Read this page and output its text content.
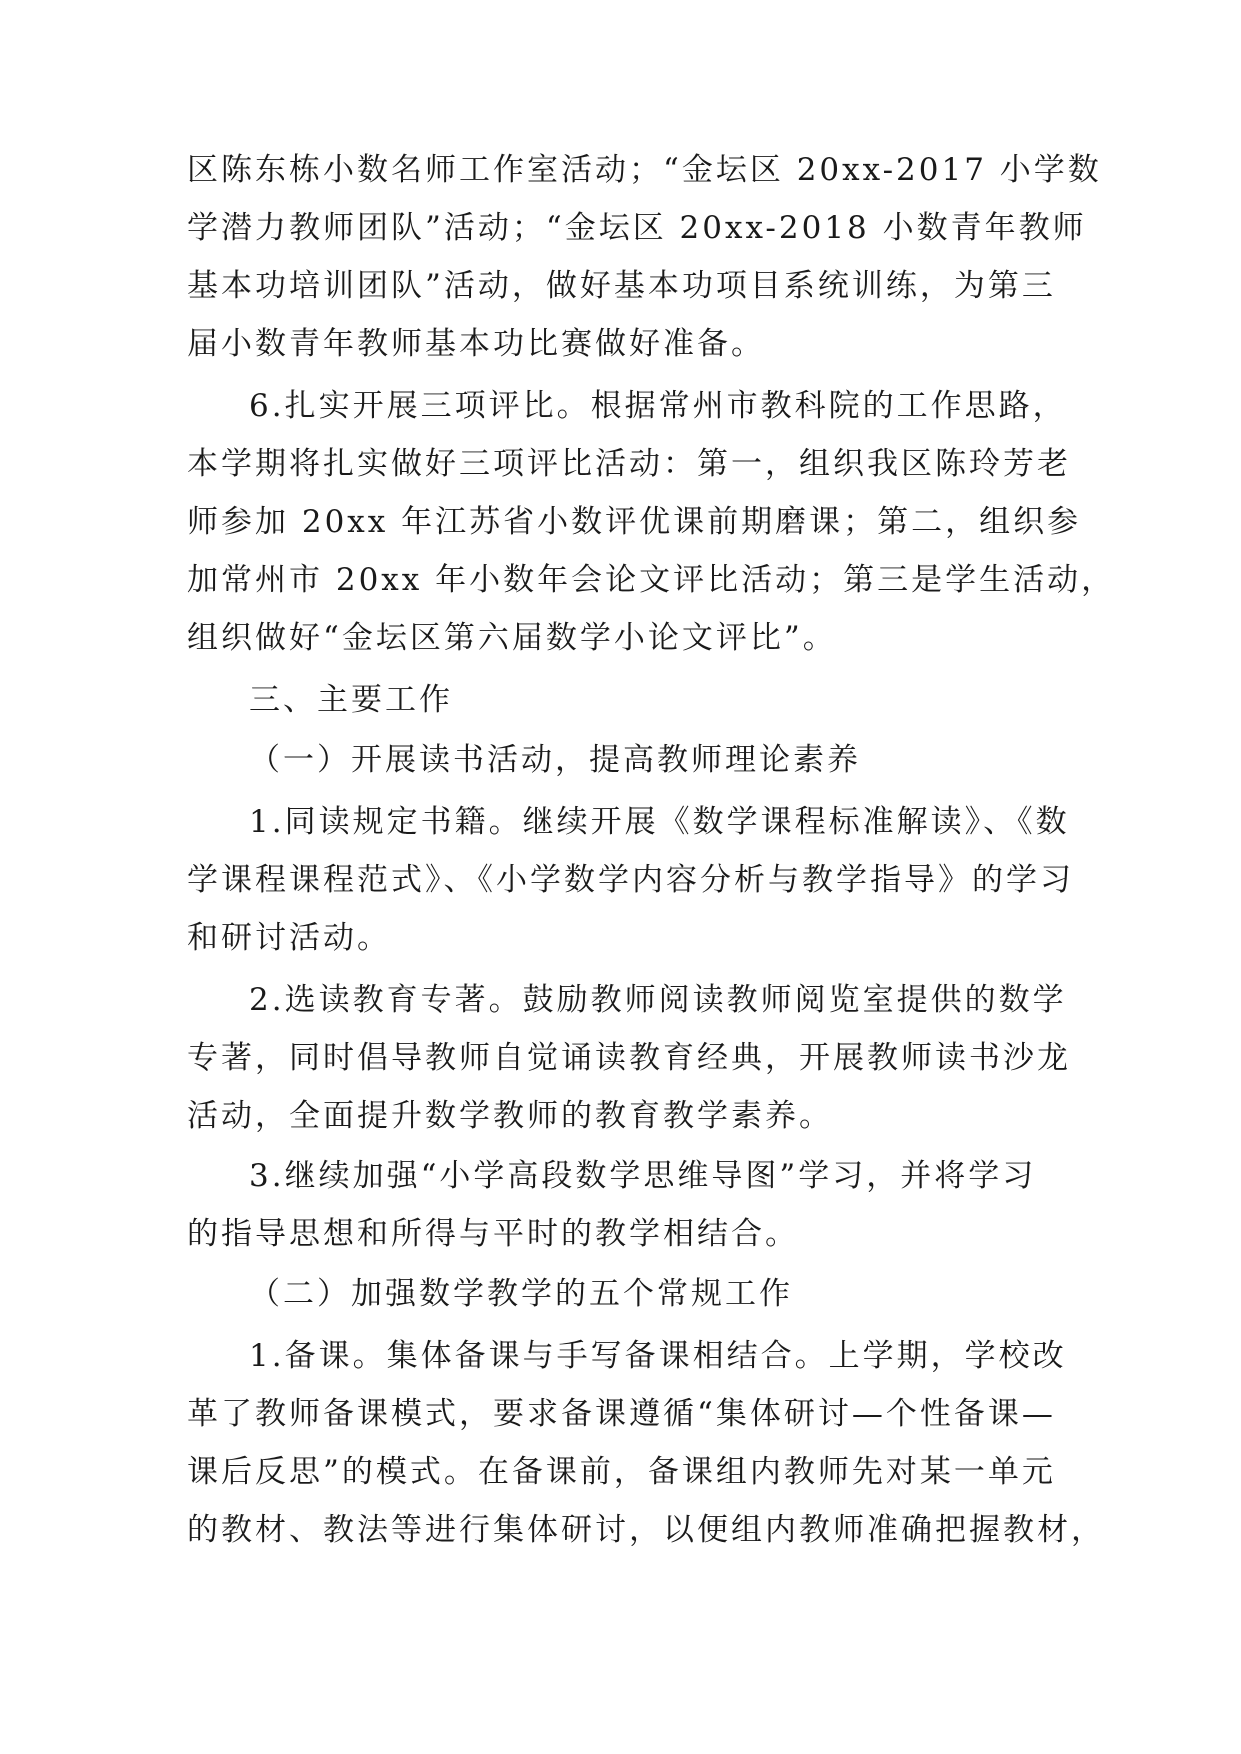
区陈东栋小数名师工作室活动；“金坛区 20xx-2017 小学数
学潜力教师团队”活动；“金坛区 20xx-2018 小数青年教师
基本功培训团队”活动，做好基本功项目系统训练，为第三
届小数青年教师基本功比赛做好准备。
6.扎实开展三项评比。根据常州市教科院的工作思路，
本学期将扎实做好三项评比活动：第一，组织我区陈玲芳老
师参加 20xx 年江苏省小数评优课前期磨课；第二，组织参
加常州市 20xx 年小数年会论文评比活动；第三是学生活动，
组织做好“金坛区第六届数学小论文评比”。
三、主要工作
（一）开展读书活动，提高教师理论素养
1.同读规定书籍。继续开展《数学课程标准解读》、《数
学课程课程范式》、《小学数学内容分析与教学指导》的学习
和研讨活动。
2.选读教育专著。鼓励教师阅读教师阅览室提供的数学
专著，同时倡导教师自觉诵读教育经典，开展教师读书沙龙
活动，全面提升数学教师的教育教学素养。
3.继续加强“小学高段数学思维导图”学习，并将学习
的指导思想和所得与平时的教学相结合。
（二）加强数学教学的五个常规工作
1.备课。集体备课与手写备课相结合。上学期，学校改
革了教师备课模式，要求备课遵循“集体研讨—个性备课—
课后反思”的模式。在备课前，备课组内教师先对某一单元
的教材、教法等进行集体研讨，以便组内教师准确把握教材，
